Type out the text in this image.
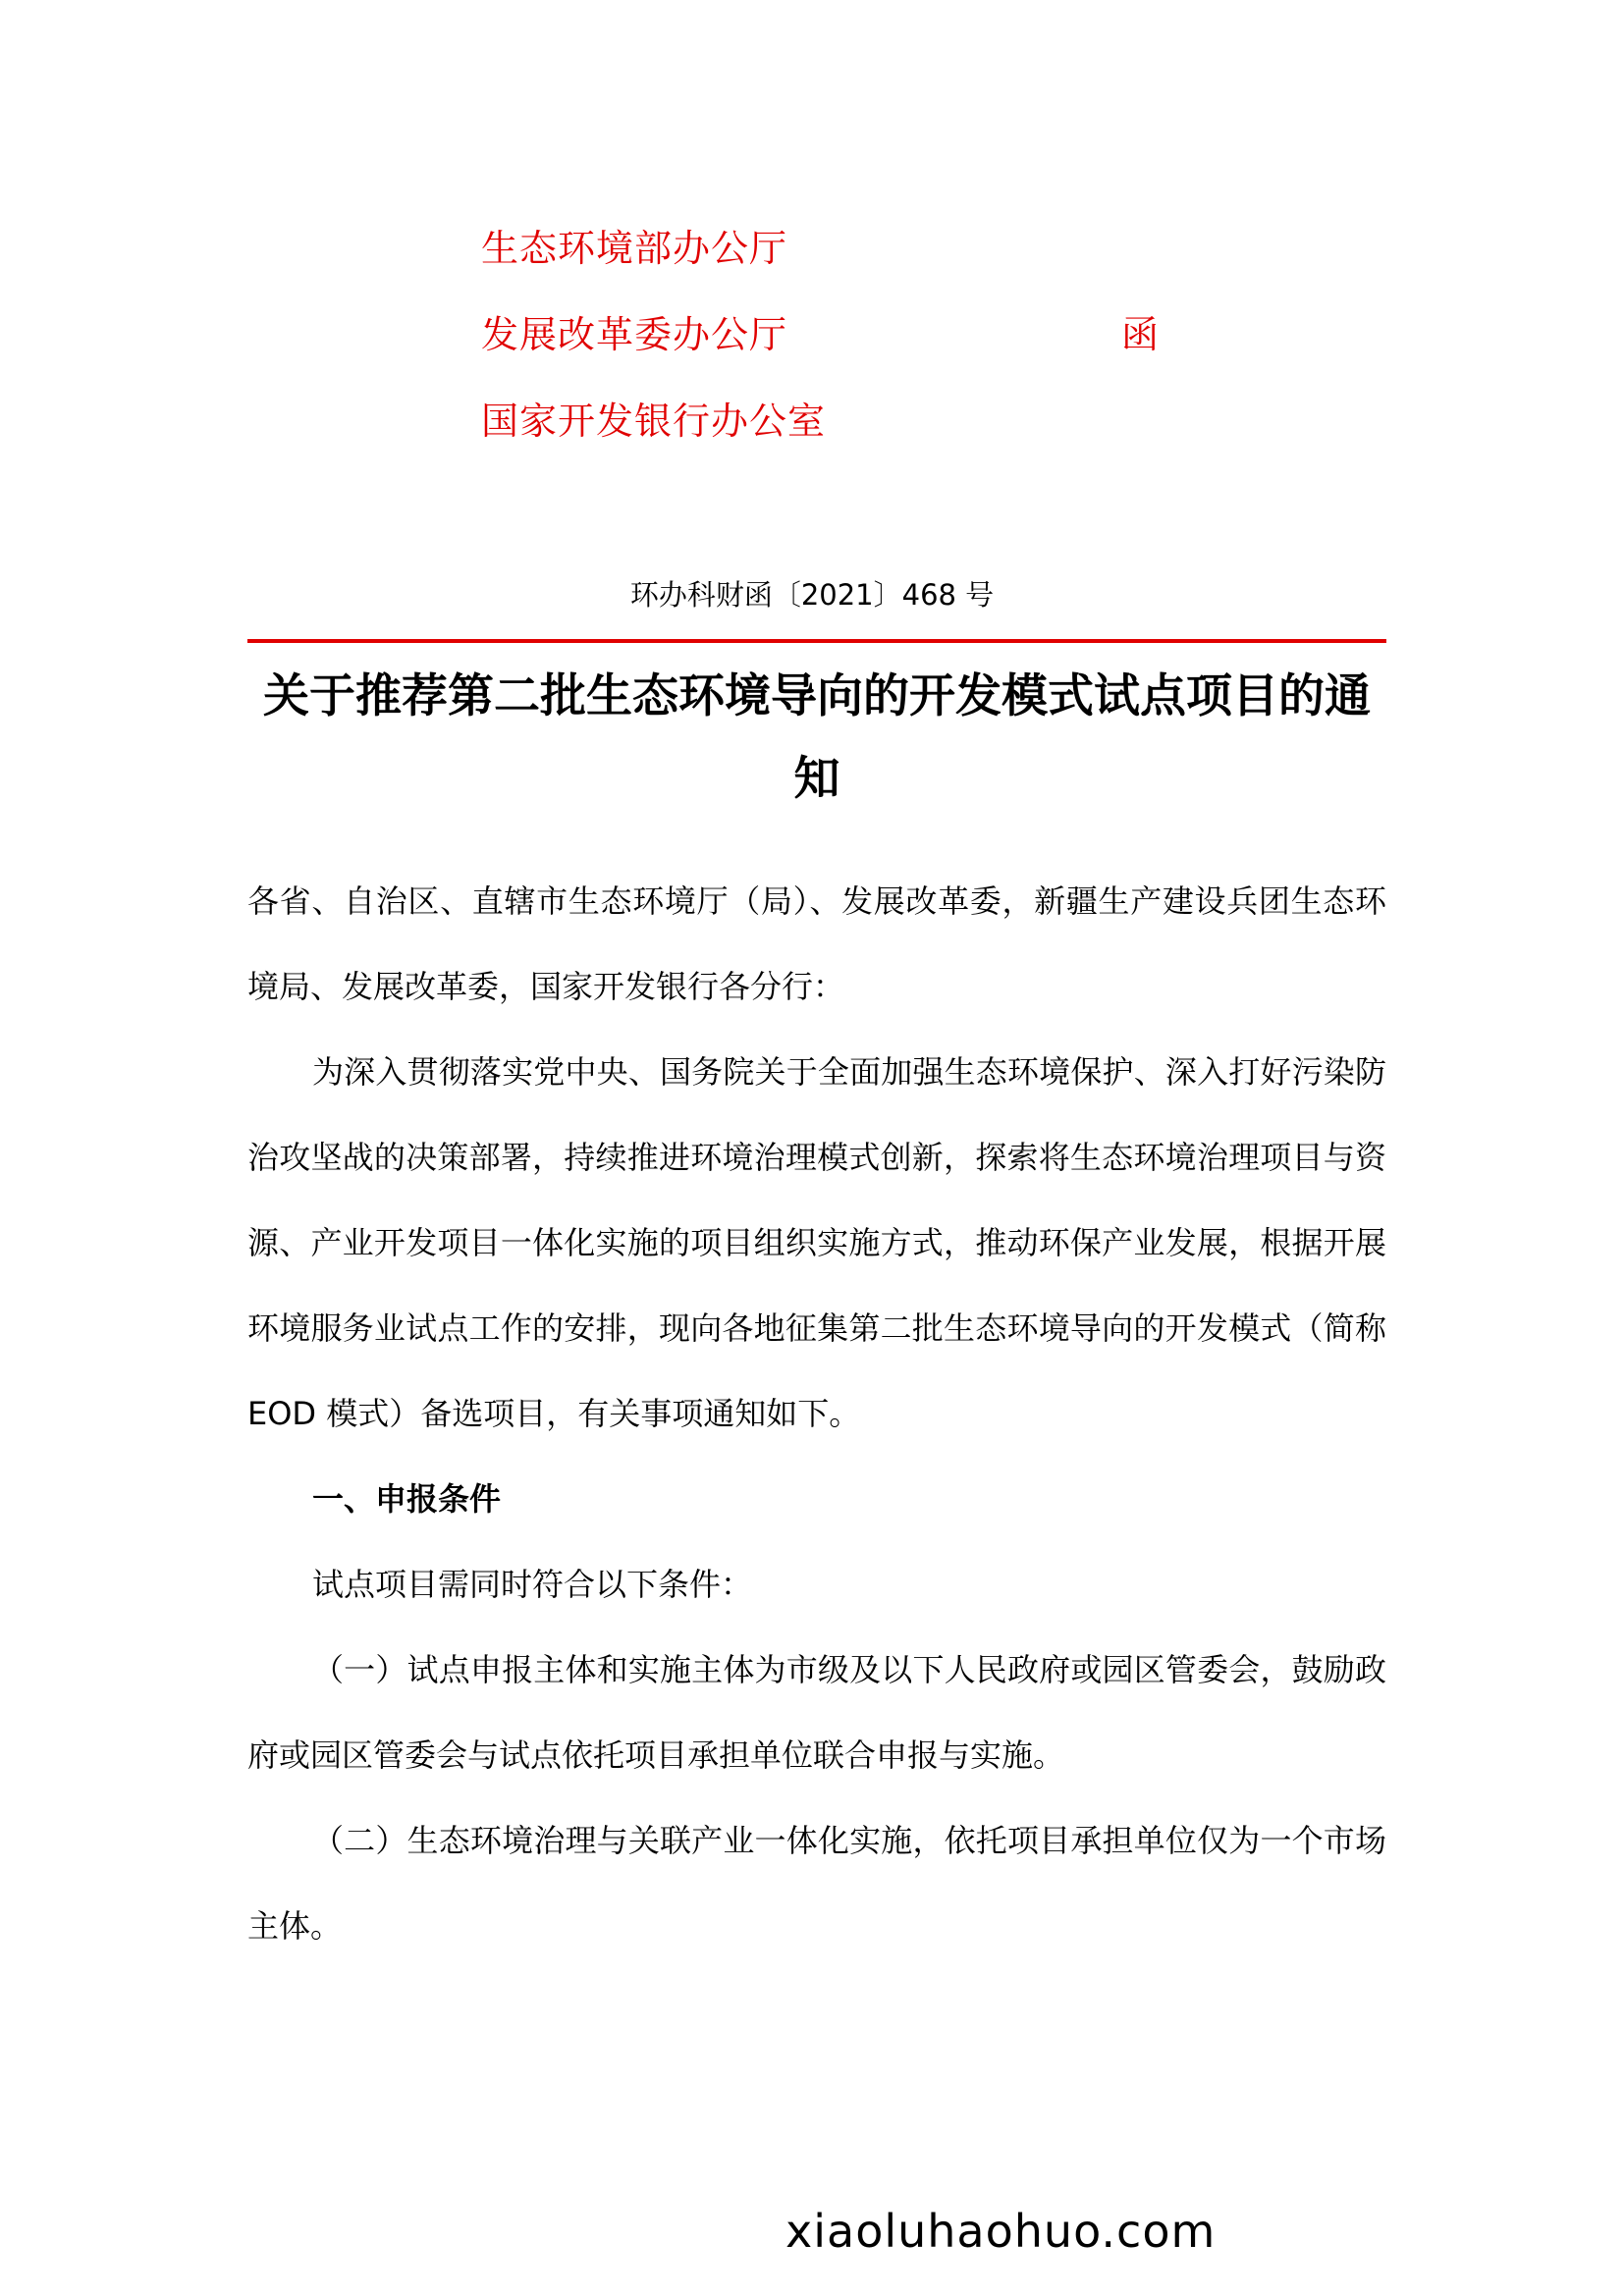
生态环境部办公厅
发展改革委办公厅
国家开发银行办公室
函
环办科财函〔2021〕468 号
关于推荐第二批生态环境导向的开发模式试点项目的通知

各省、自治区、直辖市生态环境厅（局）、发展改革委，新疆生产建设兵团生态环境局、发展改革委，国家开发银行各分行：

为深入贯彻落实党中央、国务院关于全面加强生态环境保护、深入打好污染防治攻坚战的决策部署，持续推进环境治理模式创新，探索将生态环境治理项目与资源、产业开发项目一体化实施的项目组织实施方式，推动环保产业发展，根据开展环境服务业试点工作的安排，现向各地征集第二批生态环境导向的开发模式（简称 EOD 模式）备选项目，有关事项通知如下。

一、申报条件

试点项目需同时符合以下条件：

（一）试点申报主体和实施主体为市级及以下人民政府或园区管委会，鼓励政府或园区管委会与试点依托项目承担单位联合申报与实施。

（二）生态环境治理与关联产业一体化实施，依托项目承担单位仅为一个市场主体。

xiaoluhaohuo.com
